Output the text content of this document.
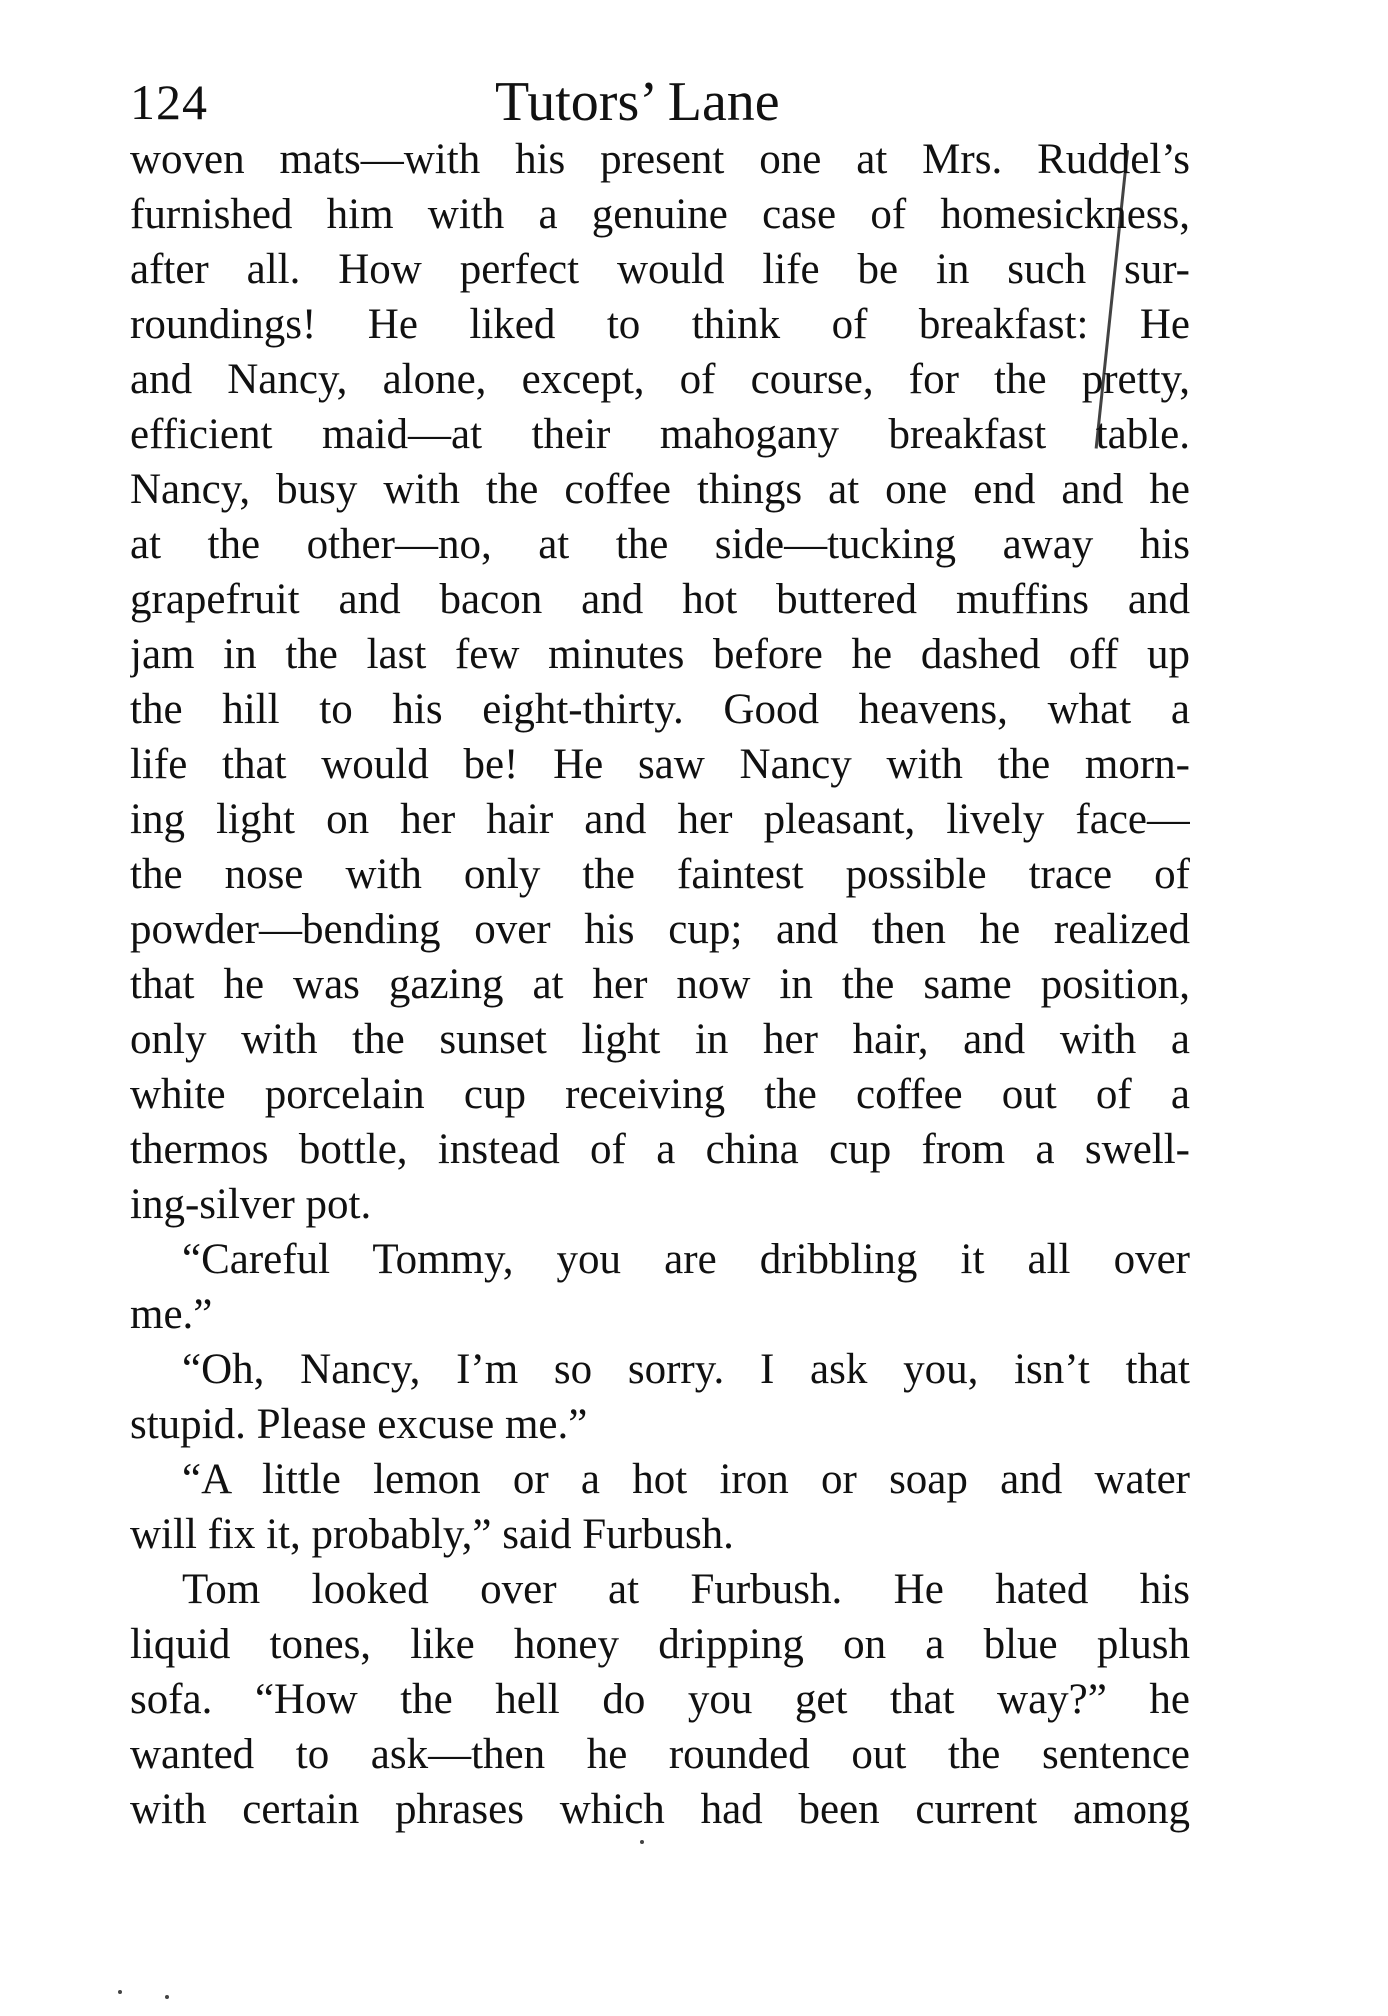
124	Tutors’ Lane
woven mats—with his present one at Mrs. Ruddel’s
furnished him with a genuine case of homesickness,
after all. How perfect would life be in such sur-
roundings! He liked to think of breakfast: He
and Nancy, alone, except, of course, for the pretty,
efficient maid—at their mahogany breakfast table.
Nancy, busy with the coffee things at one end and he
at the other—no, at the side—tucking away his
grapefruit and bacon and hot buttered muffins and
jam in the last few minutes before he dashed off up
the hill to his eight-thirty. Good heavens, what a
life that would be! He saw Nancy with the morn-
ing light on her hair and her pleasant, lively face—
the nose with only the faintest possible trace of
powder—bending over his cup; and then he realized
that he was gazing at her now in the same position,
only with the sunset light in her hair, and with a
white porcelain cup receiving the coffee out of a
thermos bottle, instead of a china cup from a swell-
ing-silver pot.
“Careful Tommy, you are dribbling it all over
me.”
“Oh, Nancy, I’m so sorry. I ask you, isn’t that
stupid. Please excuse me.”
“A little lemon or a hot iron or soap and water
will fix it, probably,” said Furbush.
Tom looked over at Furbush. He hated his
liquid tones, like honey dripping on a blue plush
sofa. “How the hell do you get that way?” he
wanted to ask—then he rounded out the sentence
with certain phrases which had been current among
